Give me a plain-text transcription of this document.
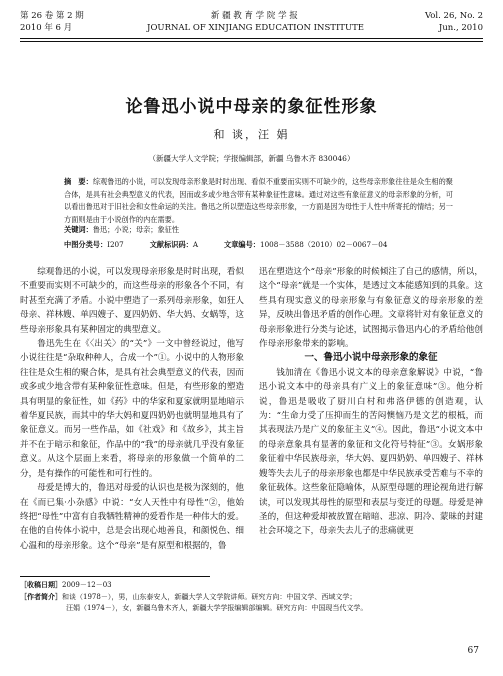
第 26 卷 第 2 期	新 疆 教 育 学 院 学 报	Vol. 26, No. 2
2010 年 6 月	JOURNAL OF XINJIANG EDUCATION INSTITUTE	Jun., 2010
论鲁迅小说中母亲的象征性形象
和 谈，汪 娟
（新疆大学人文学院；学报编辑部，新疆 乌鲁木齐 830046）
摘　要：综观鲁迅的小说，可以发现母亲形象是时时出现、看似不重要而实则不可缺少的，这些母亲形象往往是众生相的聚合体，是具有社会典型意义的代表，因而或多或少地含带有某种象征性意味。通过对这些有象征意义的母亲形象的分析，可以看出鲁迅对于旧社会和女性命运的关注。鲁迅之所以塑造这些母亲形象，一方面是因为母性于人性中所寄托的情结；另一方面则是由于小说创作的内在需要。
关键词：鲁迅；小说；母亲；象征性
中图分类号：I207	文献标识码：A	文章编号：1008－3588（2010）02－0067－04

综观鲁迅的小说，可以发现母亲形象是时时出现，看似不重要而实则不可缺少的，而这些母亲的形象各个不同，有时甚至充满了矛盾。小说中塑造了一系列母亲形象，如狂人母亲、祥林嫂、单四嫂子、夏四奶奶、华大妈、女蜗等，这些母亲形象具有某种固定的典型意义。

鲁迅先生在《〈出关〉的“关”》一文中曾经说过，他写小说往往是“杂取种种人，合成一个”①。小说中的人物形象往往是众生相的聚合体，是具有社会典型意义的代表，因而或多或少地含带有某种象征性意味。但是，有些形象的塑造具有明显的象征性，如《药》中的华家和夏家就明显地暗示着华夏民族，而其中的华大妈和夏四奶奶也就明显地具有了象征意义。而另一些作品，如《社戏》和《故乡》，其主旨并不在于暗示和象征，作品中的“我”的母亲就几乎没有象征意义。从这个层面上来看，将母亲的形象做一个简单的二分，是有操作的可能性和可行性的。

母爱是博大的，鲁迅对母爱的认识也是极为深刻的，他在《而已集·小杂感》中说：“女人天性中有母性”②，他始终把“母性”中富有自我牺牲精神的爱看作是一种伟大的爱。在他的自传体小说中，总是会出现心地善良，和颜悦色、细心温和的母亲形象。这个“母亲”是有原型和根据的，鲁

迅在塑造这个“母亲”形象的时候倾注了自己的感情，所以，这个“母亲”就是一个实体，是透过文本能感知到的具象。这些具有现实意义的母亲形象与有象征意义的母亲形象的差异，反映出鲁迅矛盾的创作心理。文章将针对有象征意义的母亲形象进行分类与论述，试图揭示鲁迅内心的矛盾给他创作母亲形象带来的影响。

一、鲁迅小说中母亲形象的象征

钱加清在《鲁迅小说文本的母亲意象解说》中说，“鲁迅小说文本中的母亲具有广义上的象征意味”③。他分析说，鲁迅是吸收了厨川白村和弗洛伊德的创造观，认为：“生命力受了压抑而生的苦闷懊恼乃是文艺的根柢，而其表现法乃是广义的象征主义”④。因此，鲁迅“小说文本中的母亲意象具有显著的象征和文化符号特征”③。女娲形象象征着中华民族母亲，华大妈、夏四奶奶、单四嫂子、祥林嫂等失去儿子的母亲形象也都是中华民族承受苦难与不幸的象征载体。这些象征隐喻体，从原型母题的理论视角进行解读，可以发现其母性的原型和表层与变迁的母题。母爱是神圣的，但这种爱却被放置在暗暗、悲凉、阴冷、蒙昧的封建社会环境之下，母亲失去儿子的悲痛就更

［收稿日期］2009－12－03
［作者简介］和谈（1978－），男，山东泰安人，新疆大学人文学院讲师。研究方向：中国文学、西域文学；
汪娟（1974－），女，新疆乌鲁木齐人，新疆大学学报编辑部编辑。研究方向：中国现当代文学。
67
